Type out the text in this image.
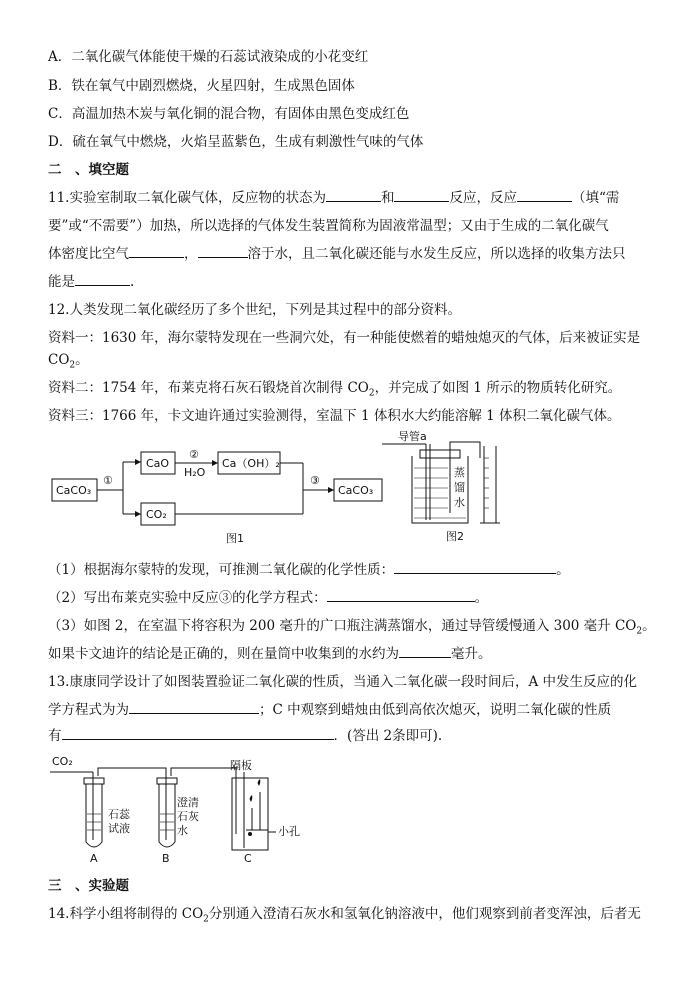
A．二氧化碳气体能使干燥的石蕊试液染成的小花变红
B．铁在氧气中剧烈燃烧，火星四射，生成黑色固体
C．高温加热木炭与氧化铜的混合物，有固体由黑色变成红色
D．硫在氧气中燃烧，火焰呈蓝紫色，生成有刺激性气味的气体
二　、填空题
11.实验室制取二氧化碳气体，反应物的状态为	和	反应，反应	（填“需
要”或“不需要”）加热，所以选择的气体发生装置简称为固液常温型；又由于生成的二氧化碳气
体密度比空气	，	溶于水，且二氧化碳还能与水发生反应，所以选择的收集方法只
能是	.
12.人类发现二氧化碳经历了多个世纪，下列是其过程中的部分资料。
资料一：1630 年，海尔蒙特发现在一些洞穴处，有一种能使燃着的蜡烛熄灭的气体，后来被证实是
$CO_2$。
资料二：1754 年，布莱克将石灰石锻烧首次制得 $CO_2$，并完成了如图 1 所示的物质转化研究。
资料三：1766 年，卡文迪许通过实验测得，室温下 1 体积水大约能溶解 1 体积二氧化碳气体。
CaCO₃
①
CaO
②
H₂O
Ca（OH）₂
CO₂
③
CaCO₃
图1
导管a
蒸
馏
水
图2
（1）根据海尔蒙特的发现，可推测二氧化碳的化学性质：	。
（2）写出布莱克实验中反应③的化学方程式：	。
（3）如图 2，在室温下将容积为 200 毫升的广口瓶注满蒸馏水，通过导管缓慢通入 300 毫升 $CO_2$。
如果卡文迪许的结论是正确的，则在量筒中收集到的水约为	毫升。
13.康康同学设计了如图装置验证二氧化碳的性质，当通入二氧化碳一段时间后，A 中发生反应的化
学方程式为为	；C 中观察到蜡烛由低到高依次熄灭，说明二氧化碳的性质
有	．(答出 2条即可).
CO₂	隔板
石蕊
试液
澄清
石灰
水	小孔
A	B	C
三　、实验题
14.科学小组将制得的 $CO_2$分别通入澄清石灰水和氢氧化钠溶液中，他们观察到前者变浑浊，后者无
